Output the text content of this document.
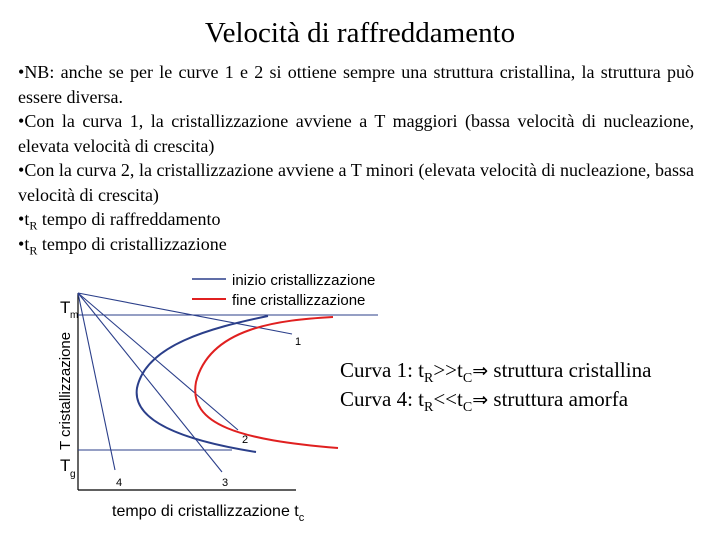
Velocità di raffreddamento

•NB: anche se per le curve 1 e 2 si ottiene sempre una struttura cristallina, la struttura può essere diversa.

•Con la curva 1, la cristallizzazione avviene a T maggiori (bassa velocità di nucleazione, elevata velocità di crescita)

•Con la curva 2, la cristallizzazione avviene a T minori (elevata velocità di nucleazione, bassa velocità di crescita)

$•t_R$ tempo di raffreddamento

$•t_R$ tempo di cristallizzazione

inizio cristallizzazione
fine cristallizzazione
1
2
3
4
T m
T g
T cristallizzazione
tempo di cristallizzazione $t_c$
Curva 1: $t_R>>t_C\Rightarrow$ struttura cristallina
Curva 4: $t_R<<t_C\Rightarrow$ struttura amorfa
